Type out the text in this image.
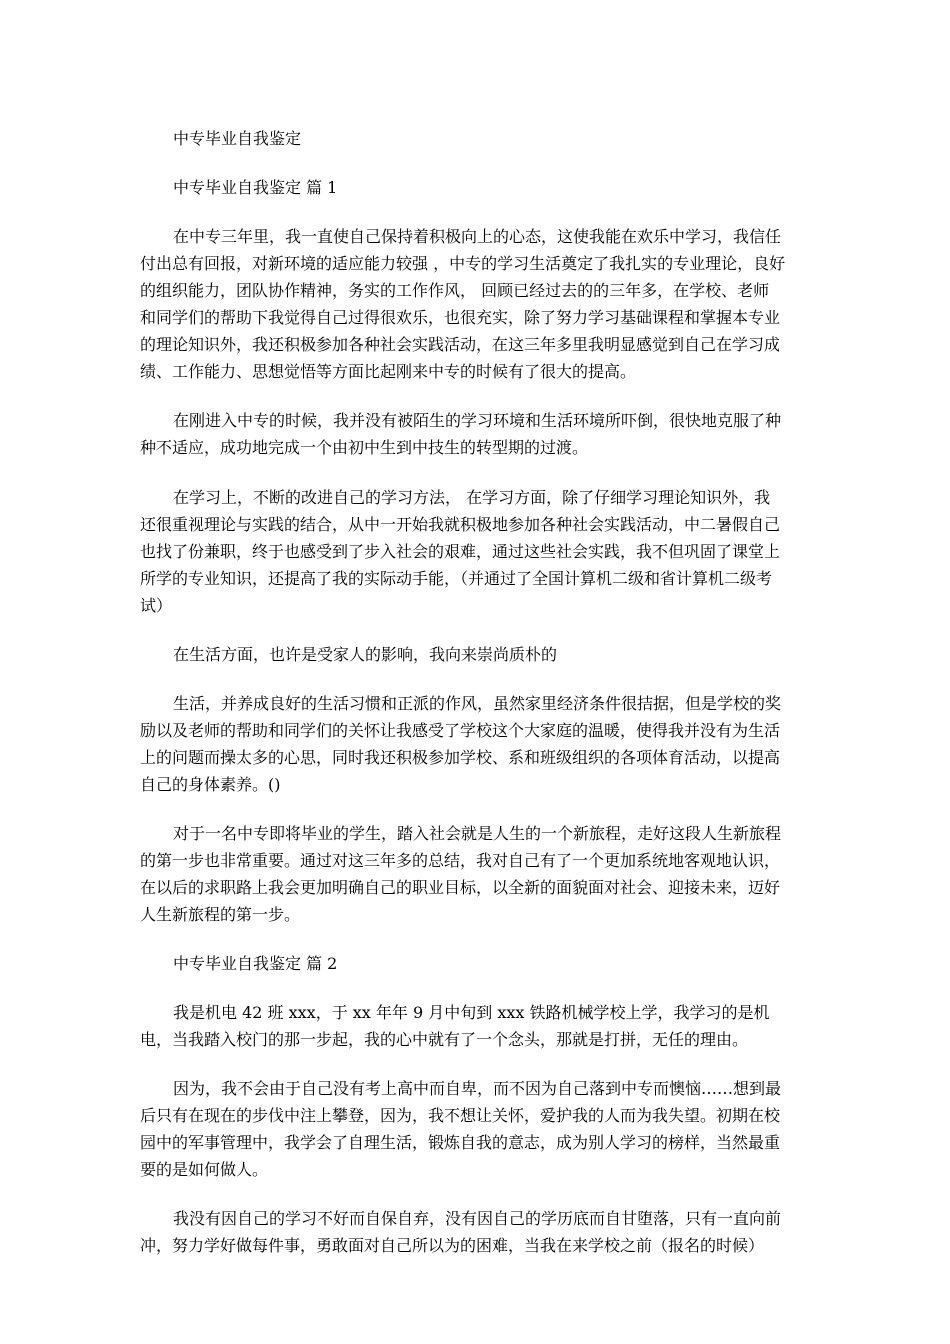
中专毕业自我鉴定
中专毕业自我鉴定 篇 1
在中专三年里，我一直使自己保持着积极向上的心态，这使我能在欢乐中学习，我信任
付出总有回报，对新环境的适应能力较强 ，中专的学习生活奠定了我扎实的专业理论，良好
的组织能力，团队协作精神，务实的工作作风， 回顾已经过去的的三年多，在学校、老师
和同学们的帮助下我觉得自己过得很欢乐，也很充实，除了努力学习基础课程和掌握本专业
的理论知识外，我还积极参加各种社会实践活动，在这三年多里我明显感觉到自己在学习成
绩、工作能力、思想觉悟等方面比起刚来中专的时候有了很大的提高。
在刚进入中专的时候，我并没有被陌生的学习环境和生活环境所吓倒，很快地克服了种
种不适应，成功地完成一个由初中生到中技生的转型期的过渡。
在学习上，不断的改进自己的学习方法， 在学习方面，除了仔细学习理论知识外，我
还很重视理论与实践的结合，从中一开始我就积极地参加各种社会实践活动，中二暑假自己
也找了份兼职，终于也感受到了步入社会的艰难，通过这些社会实践，我不但巩固了课堂上
所学的专业知识，还提高了我的实际动手能，（并通过了全国计算机二级和省计算机二级考
试）
在生活方面，也许是受家人的影响，我向来崇尚质朴的
生活，并养成良好的生活习惯和正派的作风，虽然家里经济条件很拮据，但是学校的奖
励以及老师的帮助和同学们的关怀让我感受了学校这个大家庭的温暖，使得我并没有为生活
上的问题而操太多的心思，同时我还积极参加学校、系和班级组织的各项体育活动，以提高
自己的身体素养。()
对于一名中专即将毕业的学生，踏入社会就是人生的一个新旅程，走好这段人生新旅程
的第一步也非常重要。通过对这三年多的总结，我对自己有了一个更加系统地客观地认识，
在以后的求职路上我会更加明确自己的职业目标，以全新的面貌面对社会、迎接未来，迈好
人生新旅程的第一步。
中专毕业自我鉴定 篇 2
我是机电 42 班 xxx，于 xx 年年 9 月中旬到 xxx 铁路机械学校上学，我学习的是机
电，当我踏入校门的那一步起，我的心中就有了一个念头，那就是打拼，无任的理由。
因为，我不会由于自己没有考上高中而自卑，而不因为自己落到中专而懊恼……想到最
后只有在现在的步伐中注上攀登，因为，我不想让关怀，爱护我的人而为我失望。初期在校
园中的军事管理中，我学会了自理生活，锻炼自我的意志，成为别人学习的榜样，当然最重
要的是如何做人。
我没有因自己的学习不好而自保自弃，没有因自己的学历底而自甘堕落，只有一直向前
冲，努力学好做每件事，勇敢面对自己所以为的困难，当我在来学校之前（报名的时候）
